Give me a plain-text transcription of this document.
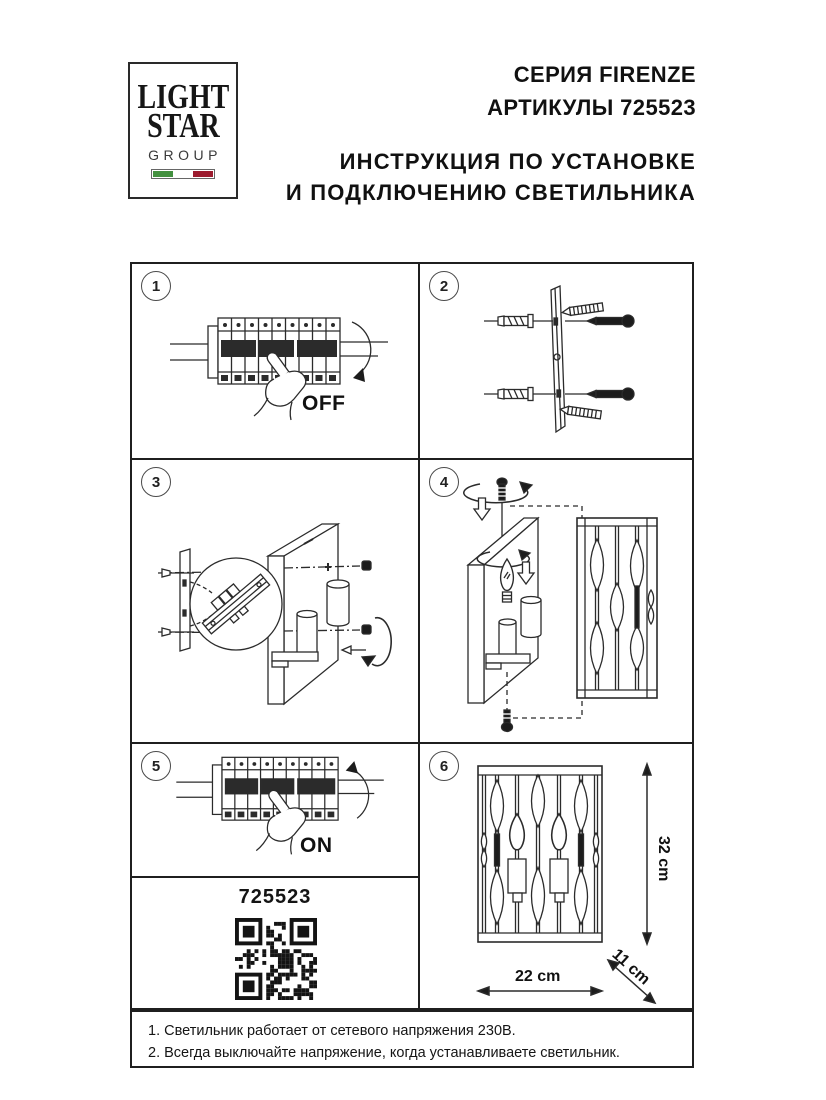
LIGHT
STAR
GROUP
СЕРИЯ FIRENZE
АРТИКУЛЫ 725523
ИНСТРУКЦИЯ ПО УСТАНОВКЕ
И ПОДКЛЮЧЕНИЮ СВЕТИЛЬНИКА
1
OFF
2
3	4
5
ON
725523
6
32 cm
22 cm	11 cm
1. Светильник работает от сетевого напряжения 230В.
2. Всегда выключайте напряжение, когда устанавливаете светильник.
